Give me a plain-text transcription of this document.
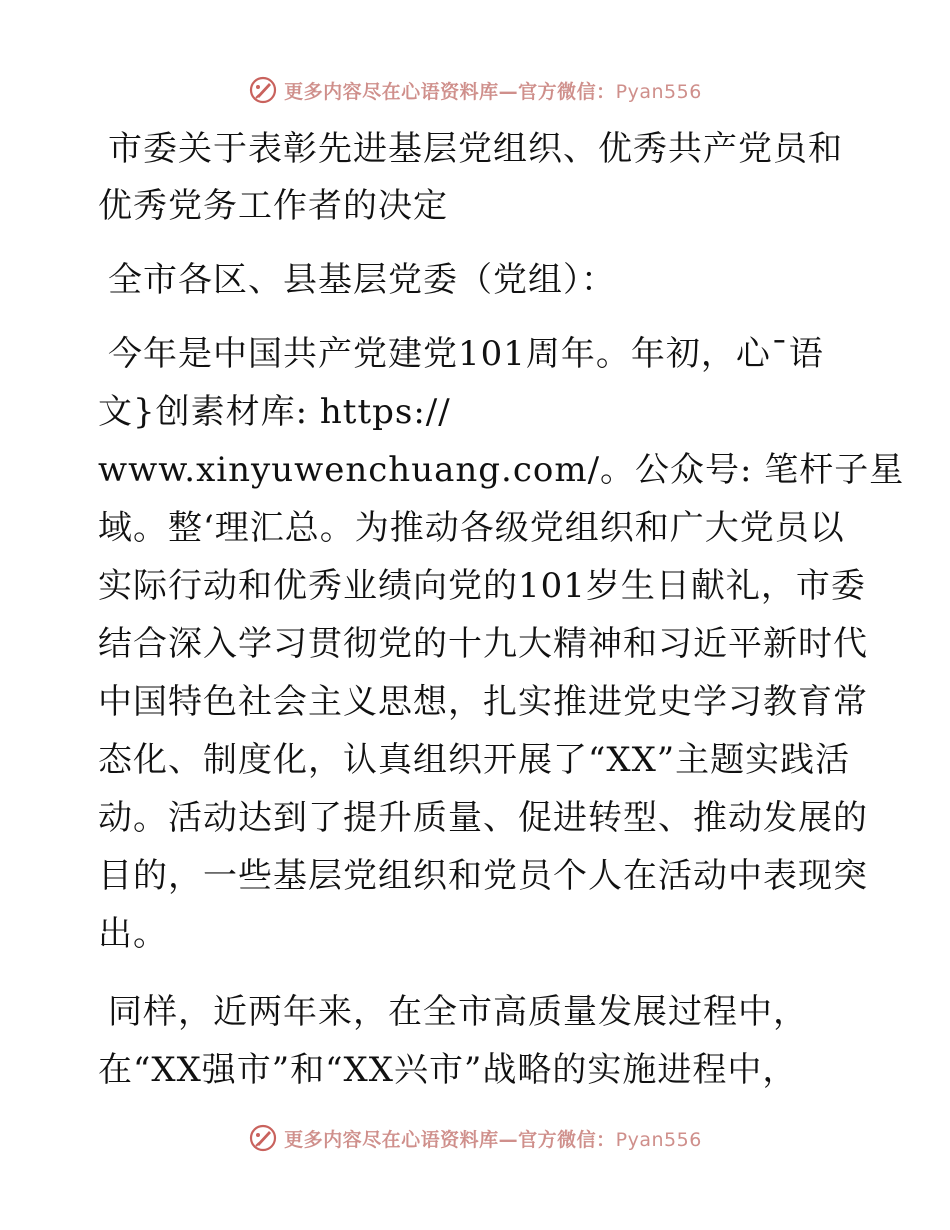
更多内容尽在心语资料库—官方微信：Pyan556
市委关于表彰先进基层党组织、优秀共产党员和
优秀党务工作者的决定
全市各区、县基层党委（党组）：
今年是中国共产党建党101周年。年初，心¯语
文}创素材库: https://
www.xinyuwenchuang.com/。公众号: 笔杆子星
域。整‘理汇总。为推动各级党组织和广大党员以
实际行动和优秀业绩向党的101岁生日献礼，市委
结合深入学习贯彻党的十九大精神和习近平新时代
中国特色社会主义思想，扎实推进党史学习教育常
态化、制度化，认真组织开展了“XX”主题实践活
动。活动达到了提升质量、促进转型、推动发展的
目的，一些基层党组织和党员个人在活动中表现突
出。
同样，近两年来，在全市高质量发展过程中，
在“XX强市”和“XX兴市”战略的实施进程中，
更多内容尽在心语资料库—官方微信：Pyan556
